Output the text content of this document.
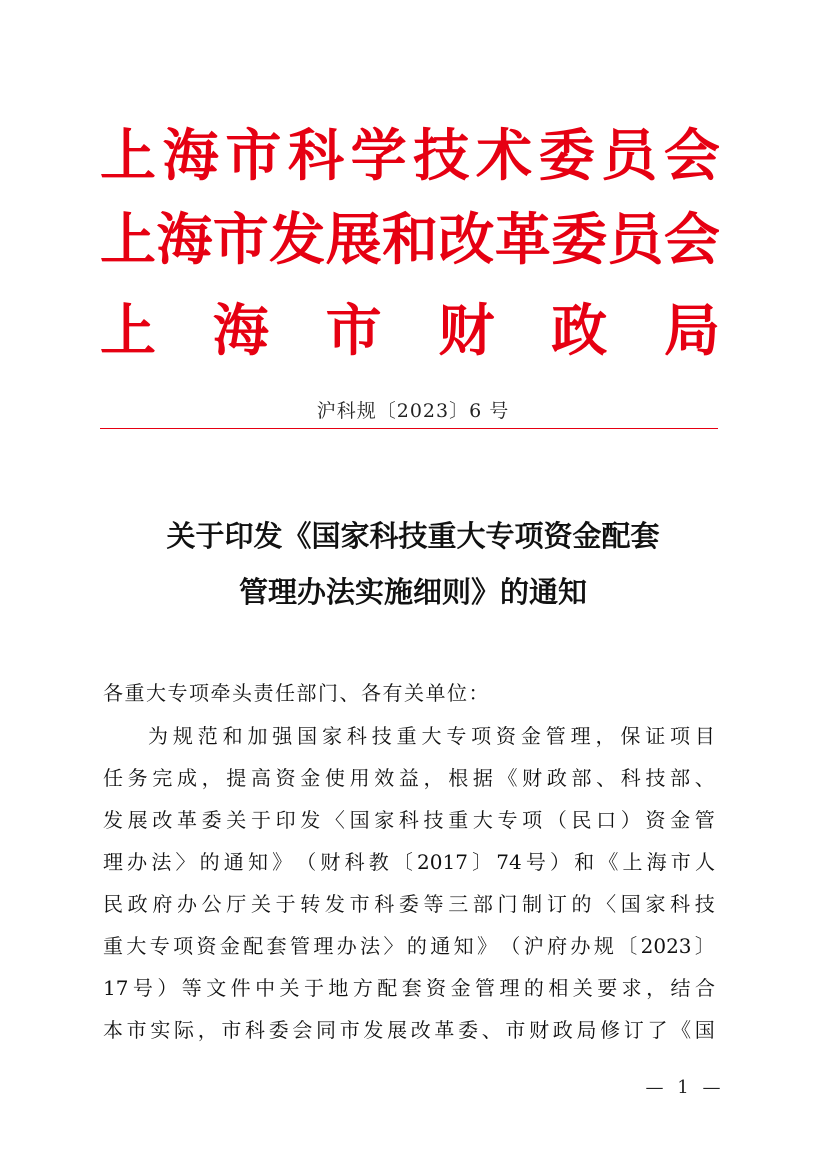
上 海 市 科 学 技 术 委 员 会
上 海 市 发 展 和 改 革 委 员 会
上 海 市 财 政 局
沪科规〔2023〕6 号
关于印发《国家科技重大专项资金配套
管理办法实施细则》的通知
各重大专项牵头责任部门、各有关单位：
为 规 范 和 加 强 国 家 科 技 重 大 专 项 资 金 管 理 ， 保 证 项 目
任 务 完 成 ， 提 高 资 金 使 用 效 益 ， 根 据 《 财 政 部 、 科 技 部 、
发 展 改 革 委 关 于 印 发 〈 国 家 科 技 重 大 专 项 （ 民 口 ） 资 金 管
理 办 法 〉 的 通 知 》 （ 财 科 教 〔 2017 〕 74 号 ） 和 《 上 海 市 人
民 政 府 办 公 厅 关 于 转 发 市 科 委 等 三 部 门 制 订 的 〈 国 家 科 技
重 大 专 项 资 金 配 套 管 理 办 法 〉 的 通 知 》 （ 沪 府 办 规 〔 2023 〕
17 号 ） 等 文 件 中 关 于 地 方 配 套 资 金 管 理 的 相 关 要 求 ， 结 合
本 市 实 际 ， 市 科 委 会 同 市 发 展 改 革 委 、 市 财 政 局 修 订 了 《 国
— 1 —
